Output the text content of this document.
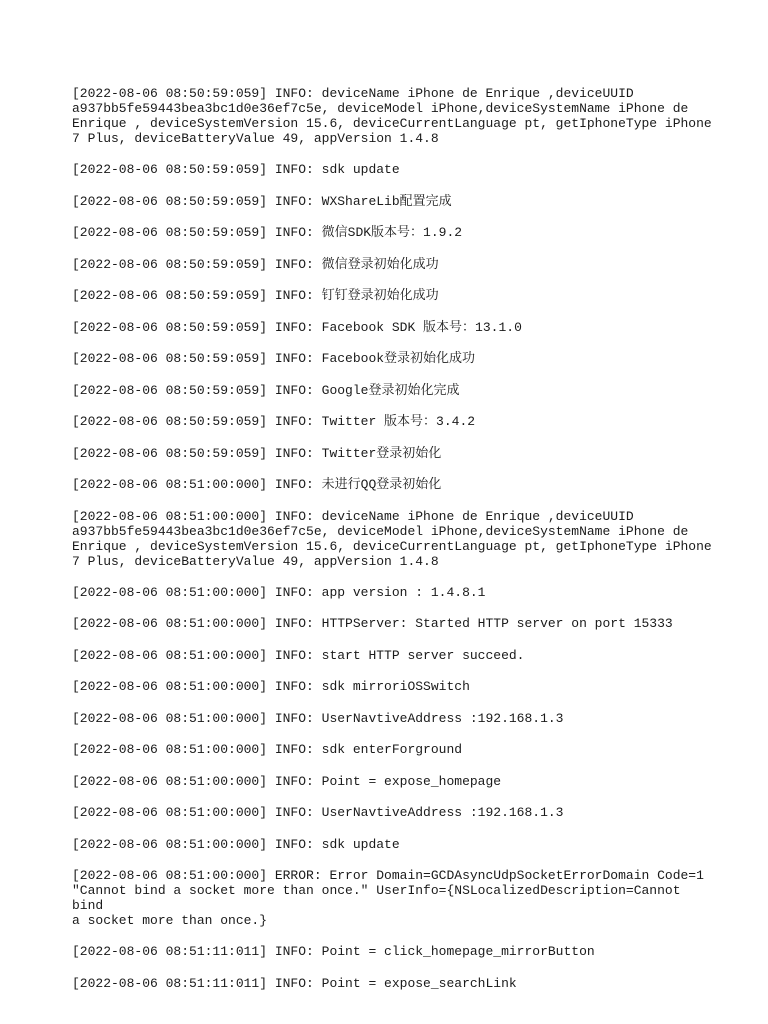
[2022-08-06 08:50:59:059] INFO: deviceName iPhone de Enrique ,deviceUUID
a937bb5fe59443bea3bc1d0e36ef7c5e, deviceModel iPhone,deviceSystemName iPhone de
Enrique , deviceSystemVersion 15.6, deviceCurrentLanguage pt, getIphoneType iPhone
7 Plus, deviceBatteryValue 49, appVersion 1.4.8
[2022-08-06 08:50:59:059] INFO: sdk update
[2022-08-06 08:50:59:059] INFO: WXShareLib配置完成
[2022-08-06 08:50:59:059] INFO: 微信SDK版本号：1.9.2
[2022-08-06 08:50:59:059] INFO: 微信登录初始化成功
[2022-08-06 08:50:59:059] INFO: 钉钉登录初始化成功
[2022-08-06 08:50:59:059] INFO: Facebook SDK 版本号：13.1.0
[2022-08-06 08:50:59:059] INFO: Facebook登录初始化成功
[2022-08-06 08:50:59:059] INFO: Google登录初始化完成
[2022-08-06 08:50:59:059] INFO: Twitter 版本号：3.4.2
[2022-08-06 08:50:59:059] INFO: Twitter登录初始化
[2022-08-06 08:51:00:000] INFO: 未进行QQ登录初始化
[2022-08-06 08:51:00:000] INFO: deviceName iPhone de Enrique ,deviceUUID
a937bb5fe59443bea3bc1d0e36ef7c5e, deviceModel iPhone,deviceSystemName iPhone de
Enrique , deviceSystemVersion 15.6, deviceCurrentLanguage pt, getIphoneType iPhone
7 Plus, deviceBatteryValue 49, appVersion 1.4.8
[2022-08-06 08:51:00:000] INFO: app version : 1.4.8.1
[2022-08-06 08:51:00:000] INFO: HTTPServer: Started HTTP server on port 15333
[2022-08-06 08:51:00:000] INFO: start HTTP server succeed.
[2022-08-06 08:51:00:000] INFO: sdk mirroriOSSwitch
[2022-08-06 08:51:00:000] INFO: UserNavtiveAddress :192.168.1.3
[2022-08-06 08:51:00:000] INFO: sdk enterForground
[2022-08-06 08:51:00:000] INFO: Point = expose_homepage
[2022-08-06 08:51:00:000] INFO: UserNavtiveAddress :192.168.1.3
[2022-08-06 08:51:00:000] INFO: sdk update
[2022-08-06 08:51:00:000] ERROR: Error Domain=GCDAsyncUdpSocketErrorDomain Code=1
"Cannot bind a socket more than once." UserInfo={NSLocalizedDescription=Cannot bind
a socket more than once.}
[2022-08-06 08:51:11:011] INFO: Point = click_homepage_mirrorButton
[2022-08-06 08:51:11:011] INFO: Point = expose_searchLink
